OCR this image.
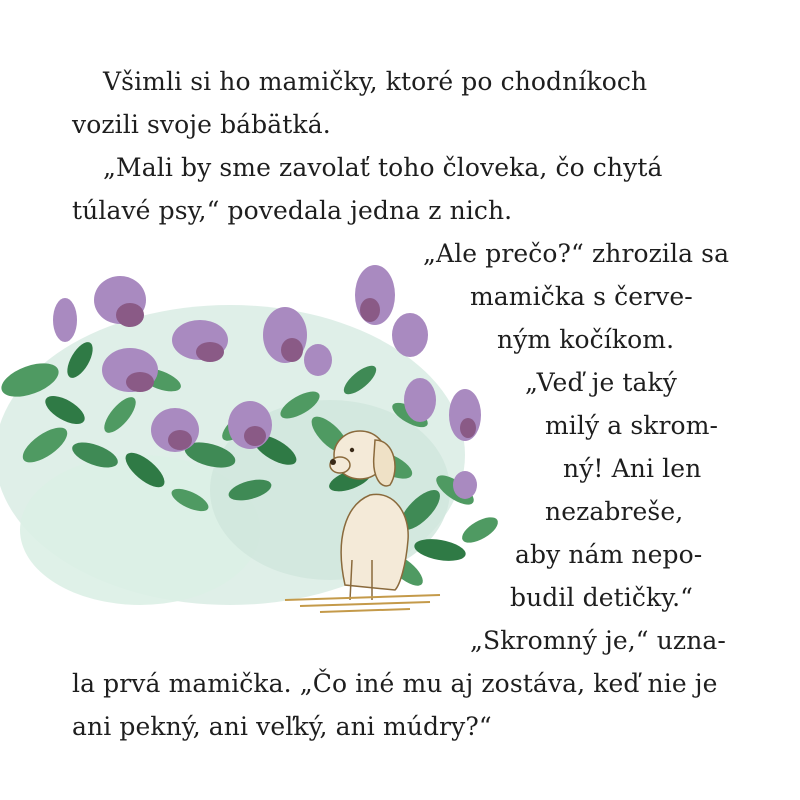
Všimli si ho mamičky, ktoré po chodníkoch
vozili svoje bábätká.
„Mali by sme zavolať toho človeka, čo chytá
túlavé psy,“ povedala jedna z nich.
„Ale prečo?“ zhrozila sa
mamička s červe-
ným kočíkom.
„Veď je taký
milý a skrom-
ný! Ani len
nezabreše,
aby nám nepo-
budil detičky.“
„Skromný je,“ uzna-
la prvá mamička. „Čo iné mu aj zostáva, keď nie je
ani pekný, ani veľký, ani múdry?“
